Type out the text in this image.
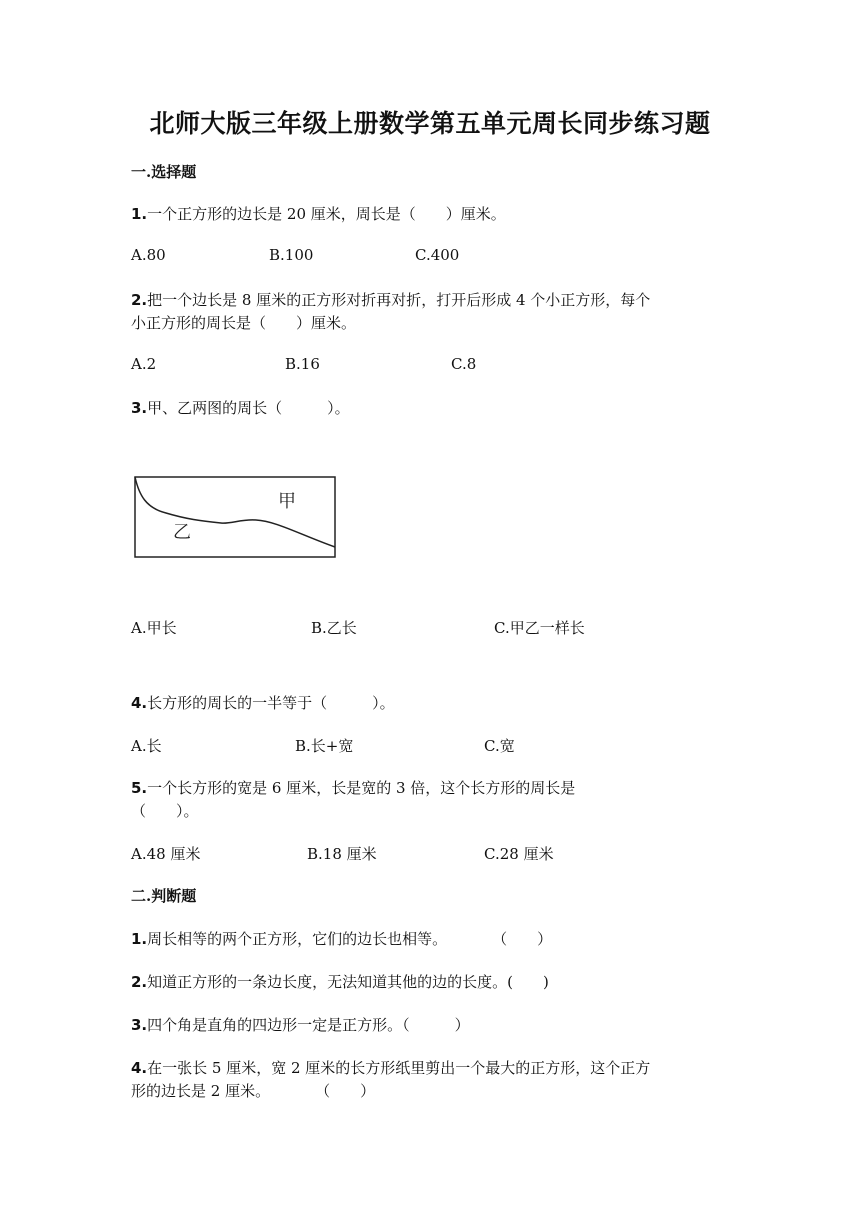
北师大版三年级上册数学第五单元周长同步练习题
一.选择题
1.一个正方形的边长是 20 厘米，周长是（　　）厘米。
A.80	B.100	C.400
2.把一个边长是 8 厘米的正方形对折再对折，打开后形成 4 个小正方形，每个
小正方形的周长是（　　）厘米。
A.2	B.16	C.8
3.甲、乙两图的周长（　　　）。
甲
乙
A.甲长	B.乙长	C.甲乙一样长
4.长方形的周长的一半等于（　　　）。
A.长	B.长+宽	C.宽
5.一个长方形的宽是 6 厘米，长是宽的 3 倍，这个长方形的周长是
（　　）。
A.48 厘米	B.18 厘米	C.28 厘米
二.判断题
1.周长相等的两个正方形，它们的边长也相等。　　　　（　　）
2.知道正方形的一条边长度，无法知道其他的边的长度。(　　)
3.四个角是直角的四边形一定是正方形。（　　　）
4.在一张长 5 厘米，宽 2 厘米的长方形纸里剪出一个最大的正方形，这个正方
形的边长是 2 厘米。　　　　（　　）
